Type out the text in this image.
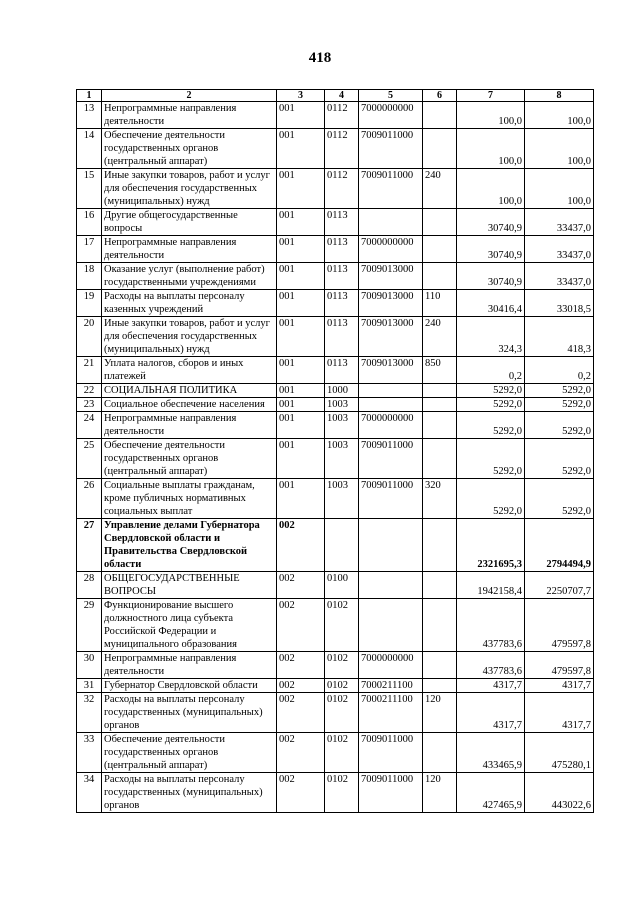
418
1	2	3	4	5	6	7	8
13	Непрограммные направления деятельности	001	0112	7000000000		100,0	100,0
14	Обеспечение деятельности государственных органов (центральный аппарат)	001	0112	7009011000		100,0	100,0
15	Иные закупки товаров, работ и услуг для обеспечения государственных (муниципальных) нужд	001	0112	7009011000	240	100,0	100,0
16	Другие общегосударственные вопросы	001	0113			30740,9	33437,0
17	Непрограммные направления деятельности	001	0113	7000000000		30740,9	33437,0
18	Оказание услуг (выполнение работ) государственными учреждениями	001	0113	7009013000		30740,9	33437,0
19	Расходы на выплаты персоналу казенных учреждений	001	0113	7009013000	110	30416,4	33018,5
20	Иные закупки товаров, работ и услуг для обеспечения государственных (муниципальных) нужд	001	0113	7009013000	240	324,3	418,3
21	Уплата налогов, сборов и иных платежей	001	0113	7009013000	850	0,2	0,2
22	СОЦИАЛЬНАЯ ПОЛИТИКА	001	1000			5292,0	5292,0
23	Социальное обеспечение населения	001	1003			5292,0	5292,0
24	Непрограммные направления деятельности	001	1003	7000000000		5292,0	5292,0
25	Обеспечение деятельности государственных органов (центральный аппарат)	001	1003	7009011000		5292,0	5292,0
26	Социальные выплаты гражданам, кроме публичных нормативных социальных выплат	001	1003	7009011000	320	5292,0	5292,0
27	Управление делами Губернатора Свердловской области и Правительства Свердловской области	002				2321695,3	2794494,9
28	ОБЩЕГОСУДАРСТВЕННЫЕ ВОПРОСЫ	002	0100			1942158,4	2250707,7
29	Функционирование высшего должностного лица субъекта Российской Федерации и муниципального образования	002	0102			437783,6	479597,8
30	Непрограммные направления деятельности	002	0102	7000000000		437783,6	479597,8
31	Губернатор Свердловской области	002	0102	7000211100		4317,7	4317,7
32	Расходы на выплаты персоналу государственных (муниципальных) органов	002	0102	7000211100	120	4317,7	4317,7
33	Обеспечение деятельности государственных органов (центральный аппарат)	002	0102	7009011000		433465,9	475280,1
34	Расходы на выплаты персоналу государственных (муниципальных) органов	002	0102	7009011000	120	427465,9	443022,6
